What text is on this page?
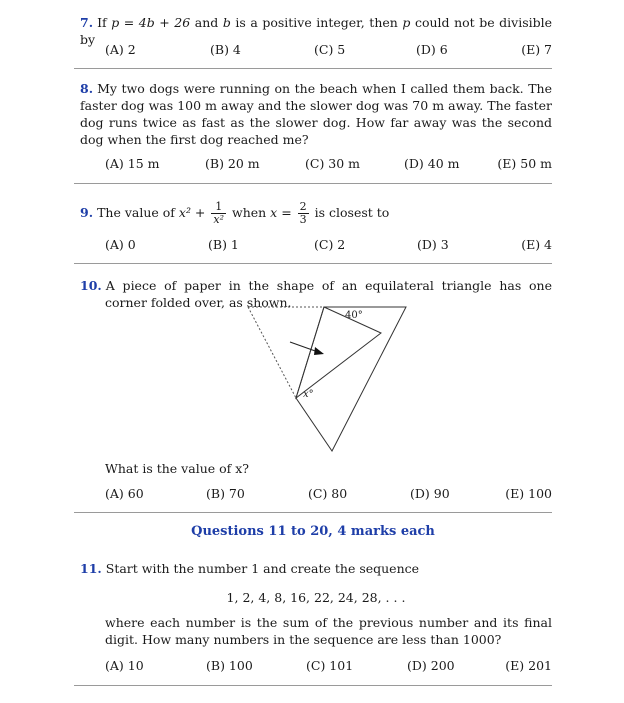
7. If p = 4b + 26 and b is a positive integer, then p could not be divisible by
(A) 2	(B) 4	(C) 5	(D) 6	(E) 7
8. My two dogs were running on the beach when I called them back. The faster dog was 100 m away and the slower dog was 70 m away. The faster dog runs twice as fast as the slower dog. How far away was the second dog when the first dog reached me?
(A) 15 m	(B) 20 m	(C) 30 m	(D) 40 m	(E) 50 m
9. The value of $x^2 + \frac{1}{\text{x²}}$ when $x = \frac{2}{3}$ is closest to
(A) 0	(B) 1	(C) 2	(D) 3	(E) 4
10. A piece of paper in the shape of an equilateral triangle has one corner folded over, as shown.
40°
x°
What is the value of x?
(A) 60	(B) 70	(C) 80	(D) 90	(E) 100
Questions 11 to 20, 4 marks each
11. Start with the number 1 and create the sequence
1, 2, 4, 8, 16, 22, 24, 28, . . .
where each number is the sum of the previous number and its final digit. How many numbers in the sequence are less than 1000?
(A) 10	(B) 100	(C) 101	(D) 200	(E) 201
